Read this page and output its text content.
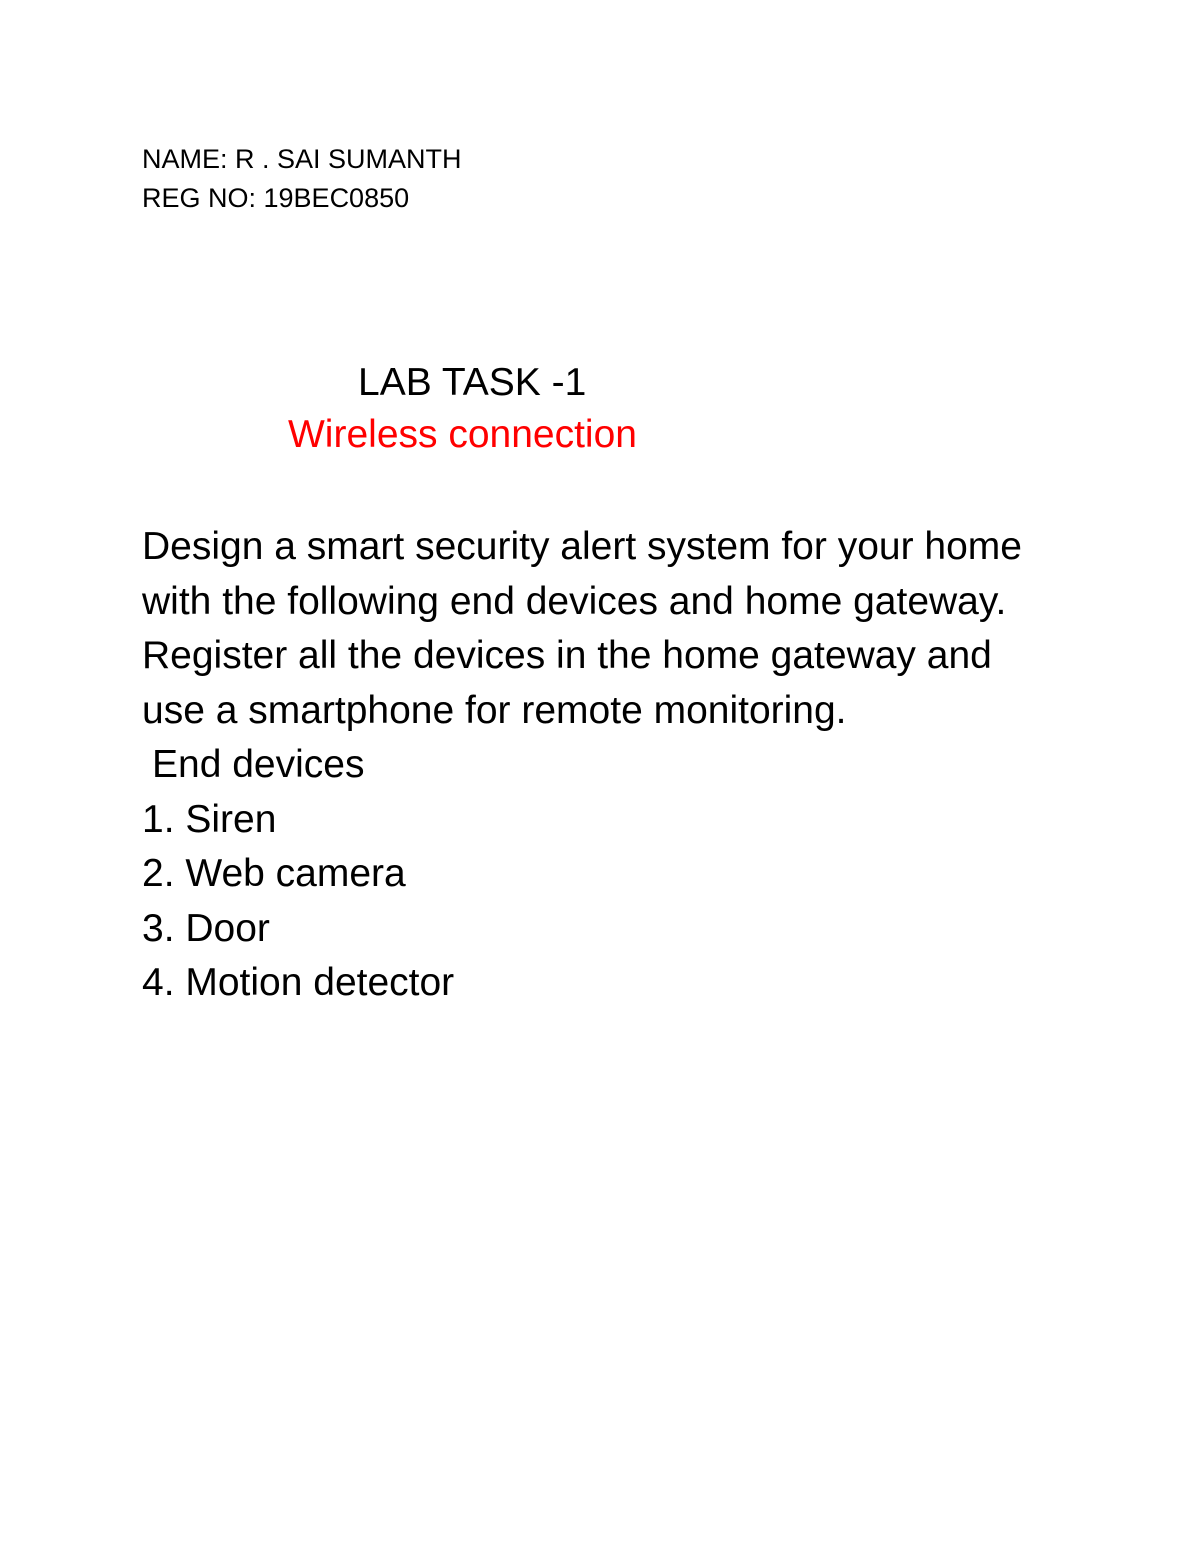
NAME: R . SAI SUMANTH
REG NO: 19BEC0850
LAB TASK -1
Wireless connection

Design a smart security alert system for your home with the following end devices and home gateway. Register all the devices in the home gateway and use a smartphone for remote monitoring.

End devices

1. Siren
2. Web camera
3. Door
4. Motion detector
